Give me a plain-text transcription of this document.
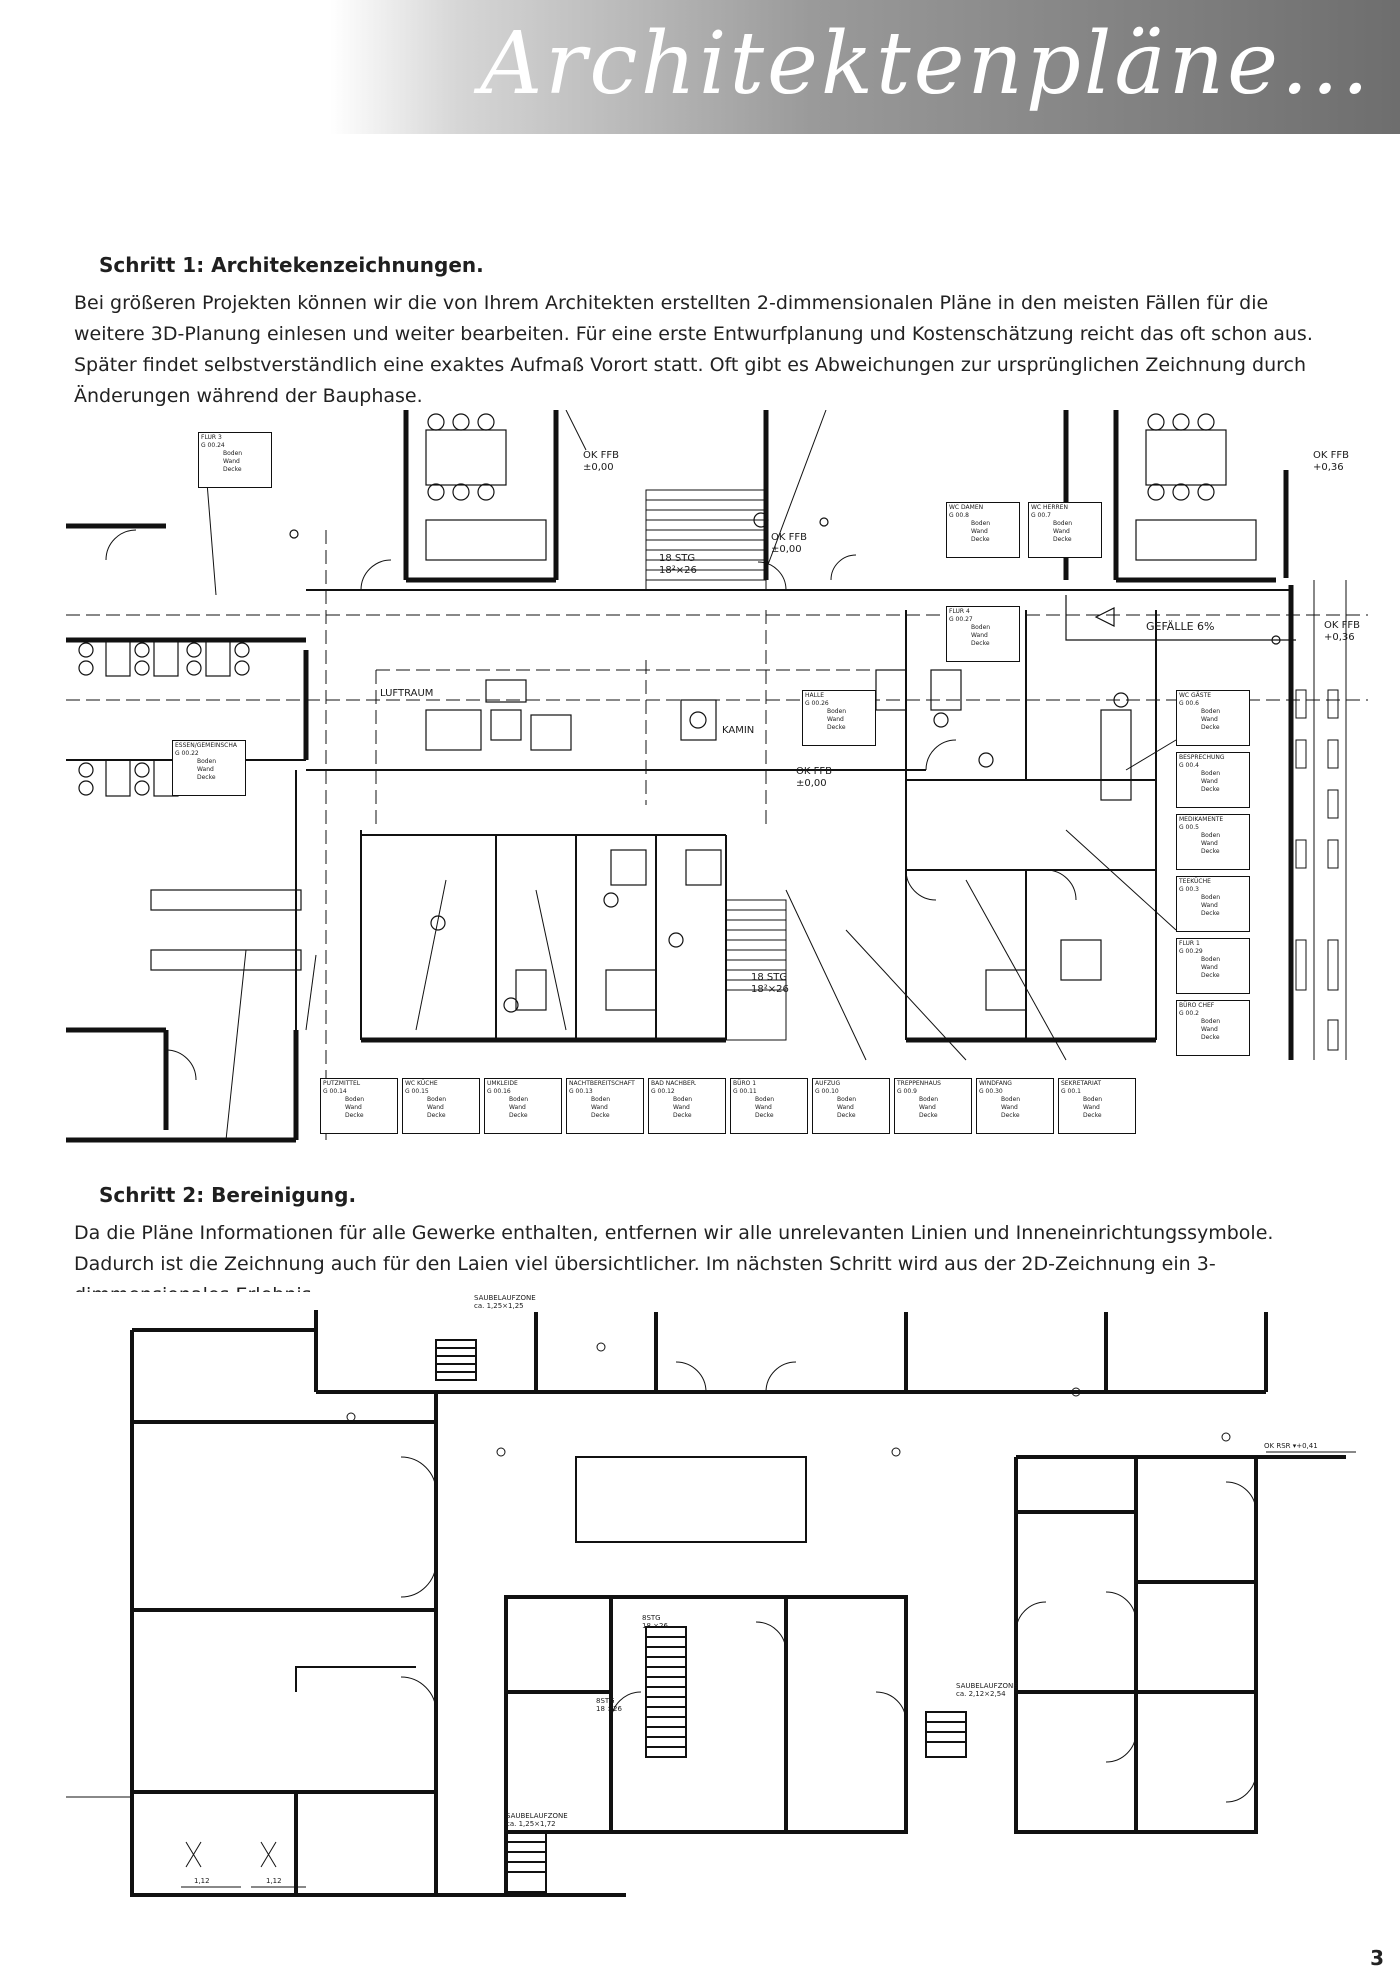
Architektenpläne...
Schritt 1: Architekenzeichnungen.
Bei größeren Projekten können wir die von Ihrem Architekten erstellten 2-dimmensionalen Pläne in den meisten Fällen für die weitere 3D-Planung einlesen und weiter bearbeiten. Für eine erste Entwurfplanung und Kostenschätzung reicht das oft schon aus. Später findet selbstverständlich eine exaktes Aufmaß Vorort statt. Oft gibt es Abweichungen zur ursprünglichen Zeichnung durch Änderungen während der Bauphase.
OK FFB
±0,00
OK FFB
+0,36
OK FFB
±0,00
OK FFB
±0,00
OK FFB
+0,36
18 STG
18²×26
18 STG
18²×26
LUFTRAUM
KAMIN
GEFÄLLE 6%
PUTZMITTEL
G 00.14
Boden
Wand
Decke
WC KÜCHE
G 00.15
Boden
Wand
Decke
UMKLEIDE
G 00.16
Boden
Wand
Decke
NACHTBEREITSCHAFT
G 00.13
Boden
Wand
Decke
BAD NACHBER.
G 00.12
Boden
Wand
Decke
BÜRO 1
G 00.11
Boden
Wand
Decke
AUFZUG
G 00.10
Boden
Wand
Decke
TREPPENHAUS
G 00.9
Boden
Wand
Decke
WINDFANG
G 00.30
Boden
Wand
Decke
SEKRETARIAT
G 00.1
Boden
Wand
Decke
WC GÄSTE
G 00.6
Boden
Wand
Decke
BESPRECHUNG
G 00.4
Boden
Wand
Decke
MEDIKAMENTE
G 00.5
Boden
Wand
Decke
TEEKÜCHE
G 00.3
Boden
Wand
Decke
FLUR 1
G 00.29
Boden
Wand
Decke
BÜRO CHEF
G 00.2
Boden
Wand
Decke
FLUR 3
G 00.24
Boden
Wand
Decke
WC DAMEN
G 00.8
Boden
Wand
Decke
WC HERREN
G 00.7
Boden
Wand
Decke
FLUR 4
G 00.27
Boden
Wand
Decke
HALLE
G 00.26
Boden
Wand
Decke
ESSEN/GEMEINSCHA
G 00.22
Boden
Wand
Decke
Schritt 2: Bereinigung.
Da die Pläne Informationen für alle Gewerke enthalten, entfernen wir alle unrelevanten Linien und Inneneinrichtungssymbole. Dadurch ist die Zeichnung auch für den Laien viel übersichtlicher. Im nächsten Schritt wird aus der 2D-Zeichnung ein 3-
SAUBELAUFZONE
ca. 1,25×1,25
OK RSR ▾+0,41
8STG
18 ×26
8STG
18 ×26
SAUBELAUFZONE
ca. 2,12×2,54
SAUBELAUFZONE
ca. 1,25×1,72
1,12	1,12
3
